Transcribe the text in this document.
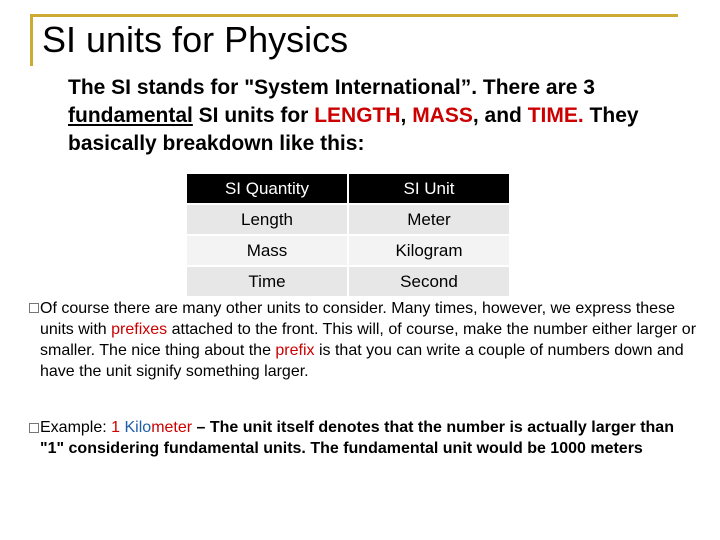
SI units for Physics

The SI stands for "System International”. There are 3 fundamental SI units for LENGTH, MASS, and TIME. They basically breakdown like this:

SI Quantity	SI Unit
Length	Meter
Mass	Kilogram
Time	Second

Of course there are many other units to consider. Many times, however, we express these units with prefixes attached to the front. This will, of course, make the number either larger or smaller. The nice thing about the prefix is that you can write a couple of numbers down and have the unit signify something larger.

Example: 1 Kilometer – The unit itself denotes that the number is actually larger than "1" considering fundamental units. The fundamental unit would be 1000 meters
